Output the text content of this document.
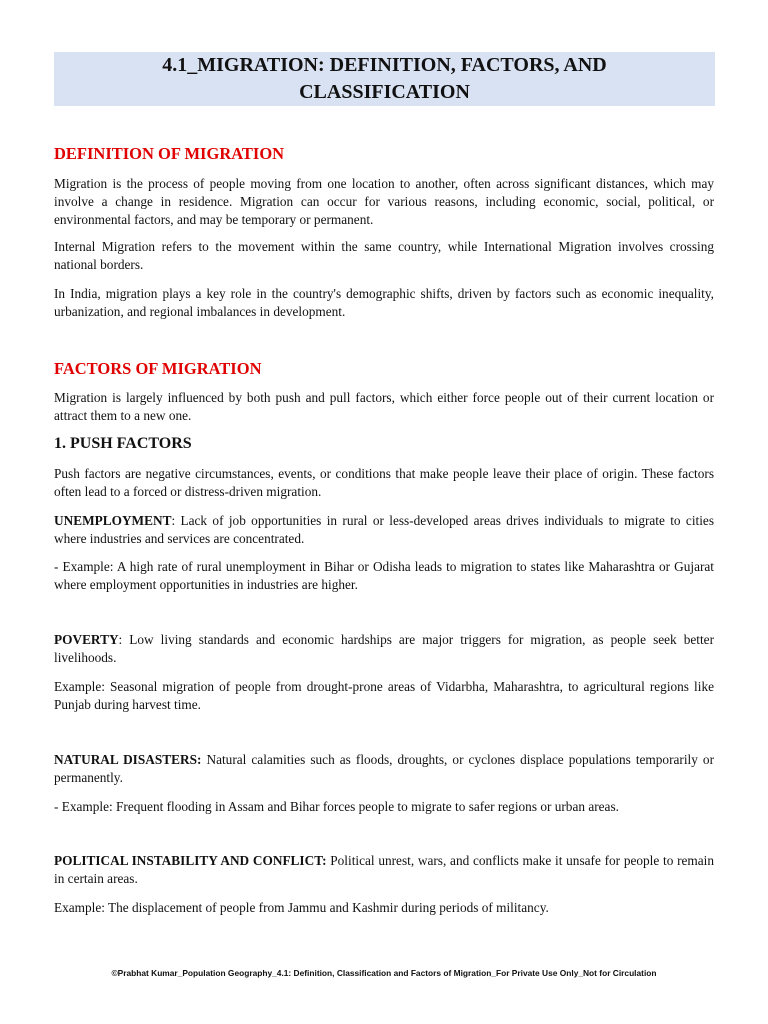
4.1_MIGRATION: DEFINITION, FACTORS, AND
CLASSIFICATION
DEFINITION OF MIGRATION

Migration is the process of people moving from one location to another, often across significant distances, which may involve a change in residence. Migration can occur for various reasons, including economic, social, political, or environmental factors, and may be temporary or permanent.

Internal Migration refers to the movement within the same country, while International Migration involves crossing national borders.

In India, migration plays a key role in the country's demographic shifts, driven by factors such as economic inequality, urbanization, and regional imbalances in development.

FACTORS OF MIGRATION

Migration is largely influenced by both push and pull factors, which either force people out of their current location or attract them to a new one.

1. PUSH FACTORS

Push factors are negative circumstances, events, or conditions that make people leave their place of origin. These factors often lead to a forced or distress-driven migration.

UNEMPLOYMENT: Lack of job opportunities in rural or less-developed areas drives individuals to migrate to cities where industries and services are concentrated.

- Example: A high rate of rural unemployment in Bihar or Odisha leads to migration to states like Maharashtra or Gujarat where employment opportunities in industries are higher.

POVERTY: Low living standards and economic hardships are major triggers for migration, as people seek better livelihoods.

Example: Seasonal migration of people from drought-prone areas of Vidarbha, Maharashtra, to agricultural regions like Punjab during harvest time.

NATURAL DISASTERS: Natural calamities such as floods, droughts, or cyclones displace populations temporarily or permanently.

- Example: Frequent flooding in Assam and Bihar forces people to migrate to safer regions or urban areas.

POLITICAL INSTABILITY AND CONFLICT: Political unrest, wars, and conflicts make it unsafe for people to remain in certain areas.

Example: The displacement of people from Jammu and Kashmir during periods of militancy.

©Prabhat Kumar_Population Geography_4.1: Definition, Classification and Factors of Migration_For Private Use Only_Not for Circulation
